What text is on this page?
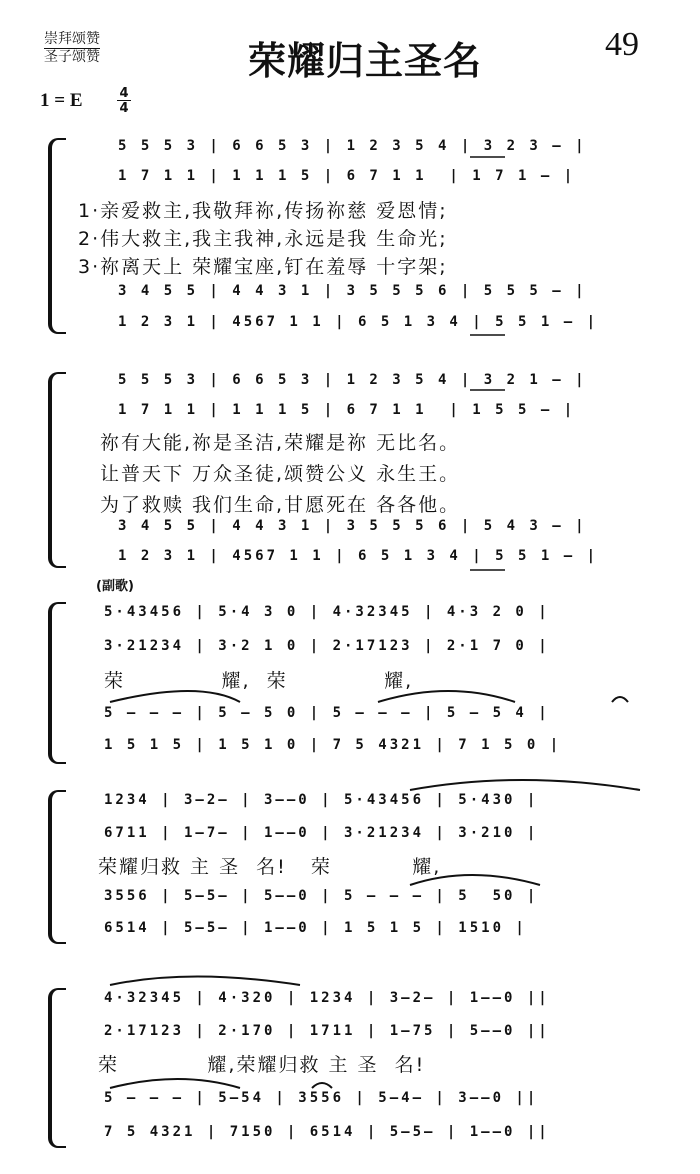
崇拜颂赞
圣子颂赞	荣耀归主圣名	49
1 = E	4
4
5 5 5 3 | 6 6 5 3 | 1 2 3 5 4 | 3 2 3 — |
1 7 1 1 | 1 1 1 5 | 6 7 1 1  | 1 7 1 — |
1·亲爱救主,我敬拜祢,传扬祢慈 爱恩情;
2·伟大救主,我主我神,永远是我 生命光;
3·祢离天上 荣耀宝座,钉在羞辱 十字架;
3 4 5 5 | 4 4 3 1 | 3 5 5 5 6 | 5 5 5 — |
1 2 3 1 | 4567 1 1 | 6 5 1 3 4 | 5 5 1 — |
5 5 5 3 | 6 6 5 3 | 1 2 3 5 4 | 3 2 1 — |
1 7 1 1 | 1 1 1 5 | 6 7 1 1  | 1 5 5 — |
祢有大能,祢是圣洁,荣耀是祢 无比名。
让普天下 万众圣徒,颂赞公义 永生王。
为了救赎 我们生命,甘愿死在 各各他。
3 4 5 5 | 4 4 3 1 | 3 5 5 5 6 | 5 4 3 — |
1 2 3 1 | 4567 1 1 | 6 5 1 3 4 | 5 5 1 — |
(副歌)
5·43456 | 5·4 3 0 | 4·32345 | 4·3 2 0 |
3·21234 | 3·2 1 0 | 2·17123 | 2·1 7 0 |
荣            耀,  荣            耀,
5 — — — | 5 — 5 0 | 5 — — — | 5 — 5 4 |
1 5 1 5 | 1 5 1 0 | 7 5 4321 | 7 1 5 0 |
1234 | 3—2— | 3——0 | 5·43456 | 5·430 |
6711 | 1—7— | 1——0 | 3·21234 | 3·210 |
荣耀归救 主 圣  名!   荣          耀,
3556 | 5—5— | 5——0 | 5 — — — | 5  50 |
6514 | 5—5— | 1——0 | 1 5 1 5 | 1510 |
4·32345 | 4·320 | 1234 | 3—2— | 1——0 ||
2·17123 | 2·170 | 1711 | 1—75 | 5——0 ||
荣           耀,荣耀归救 主 圣  名!
5 — — — | 5—54 | 3556 | 5—4— | 3——0 ||
7 5 4321 | 7150 | 6514 | 5—5— | 1——0 ||
